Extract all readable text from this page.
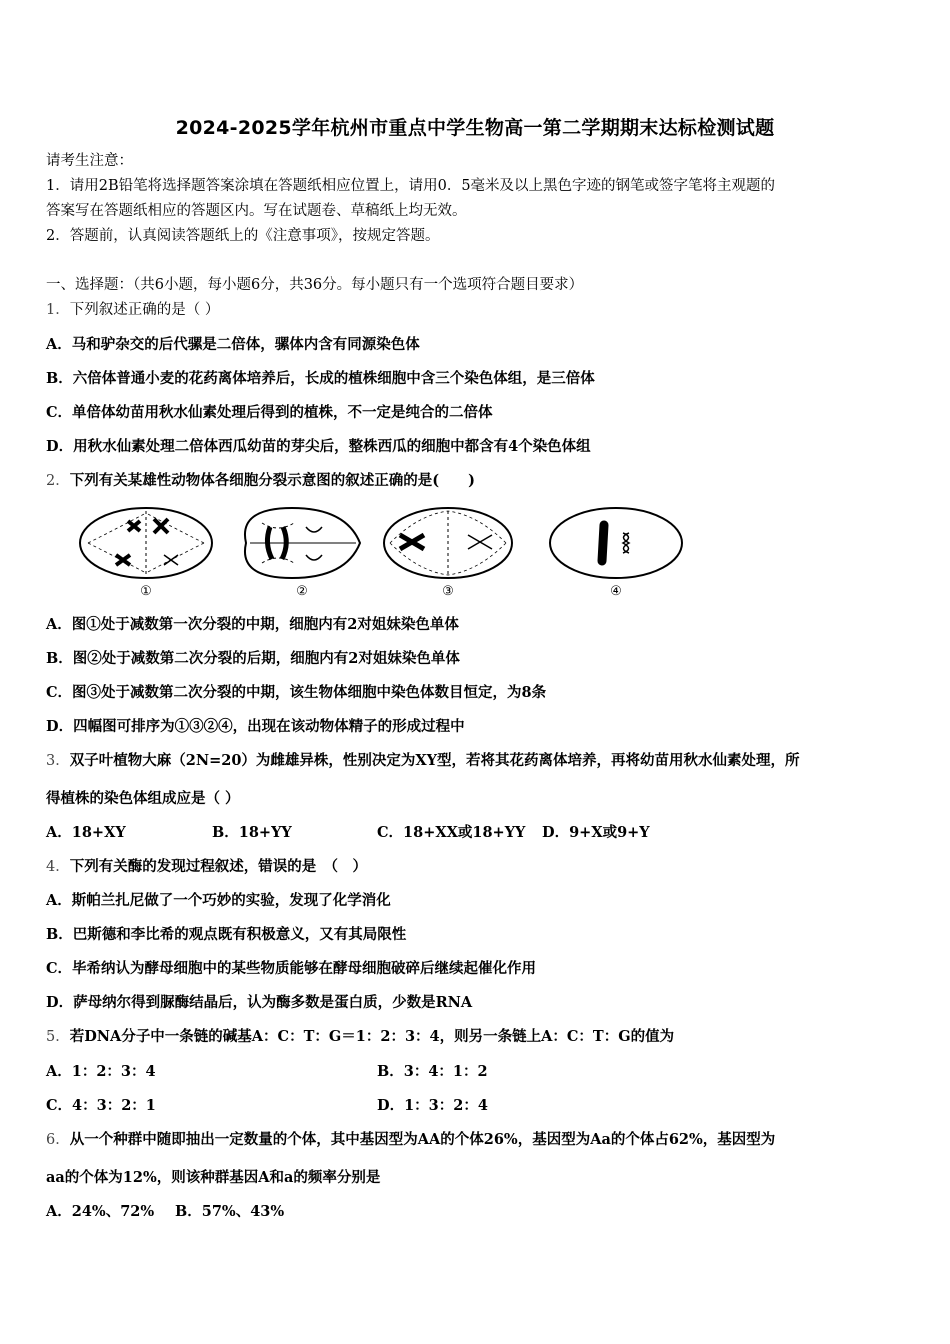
2024-2025学年杭州市重点中学生物高一第二学期期末达标检测试题
请考生注意：
1．请用2B铅笔将选择题答案涂填在答题纸相应位置上，请用0．5毫米及以上黑色字迹的钢笔或签字笔将主观题的
答案写在答题纸相应的答题区内。写在试题卷、草稿纸上均无效。
2．答题前，认真阅读答题纸上的《注意事项》，按规定答题。
一、选择题：（共6小题，每小题6分，共36分。每小题只有一个选项符合题目要求）
1．下列叙述正确的是（ ）
A．马和驴杂交的后代骡是二倍体，骡体内含有同源染色体
B．六倍体普通小麦的花药离体培养后，长成的植株细胞中含三个染色体组，是三倍体
C．单倍体幼苗用秋水仙素处理后得到的植株，不一定是纯合的二倍体
D．用秋水仙素处理二倍体西瓜幼苗的芽尖后，整株西瓜的细胞中都含有4个染色体组
2．下列有关某雄性动物体各细胞分裂示意图的叙述正确的是(　　)
①	②	③	④
A．图①处于减数第一次分裂的中期，细胞内有2对姐妹染色单体
B．图②处于减数第二次分裂的后期，细胞内有2对姐妹染色单体
C．图③处于减数第二次分裂的中期，该生物体细胞中染色体数目恒定，为8条
D．四幅图可排序为①③②④，出现在该动物体精子的形成过程中
3．双子叶植物大麻（2N=20）为雌雄异株，性别决定为XY型，若将其花药离体培养，再将幼苗用秋水仙素处理，所
得植株的染色体组成应是（ ）
A．18+XY	B．18+YY	C．18+XX或18+YY D．9+X或9+Y
4．下列有关酶的发现过程叙述，错误的是　（　）
A．斯帕兰扎尼做了一个巧妙的实验，发现了化学消化
B．巴斯德和李比希的观点既有积极意义，又有其局限性
C．毕希纳认为酵母细胞中的某些物质能够在酵母细胞破碎后继续起催化作用
D．萨母纳尔得到脲酶结晶后，认为酶多数是蛋白质，少数是RNA
5．若DNA分子中一条链的碱基A：C：T：G＝1：2：3：4，则另一条链上A：C：T：G的值为
A．1：2：3：4	B．3：4：1：2
C．4：3：2：1	D．1：3：2：4
6．从一个种群中随即抽出一定数量的个体，其中基因型为AA的个体26%，基因型为Aa的个体占62%，基因型为
aa的个体为12%，则该种群基因A和a的频率分别是
A．24%、72% B．57%、43%
